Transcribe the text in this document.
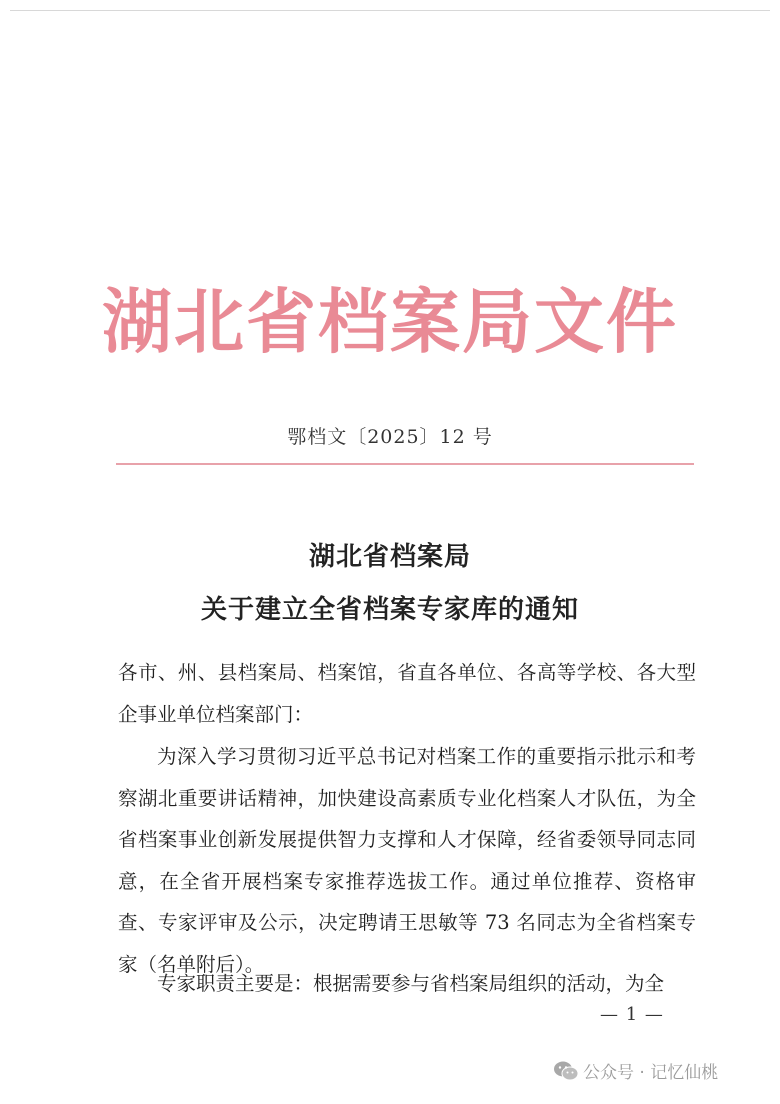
湖北省档案局文件
鄂档文〔2025〕12 号
湖北省档案局
关于建立全省档案专家库的通知
各市、州、县档案局、档案馆，省直各单位、各高等学校、各大型企事业单位档案部门：
为深入学习贯彻习近平总书记对档案工作的重要指示批示和考察湖北重要讲话精神，加快建设高素质专业化档案人才队伍，为全省档案事业创新发展提供智力支撑和人才保障，经省委领导同志同意，在全省开展档案专家推荐选拔工作。通过单位推荐、资格审查、专家评审及公示，决定聘请王思敏等 73 名同志为全省档案专家（名单附后）。
专家职责主要是：根据需要参与省档案局组织的活动，为全
— 1 —
公众号 · 记忆仙桃
